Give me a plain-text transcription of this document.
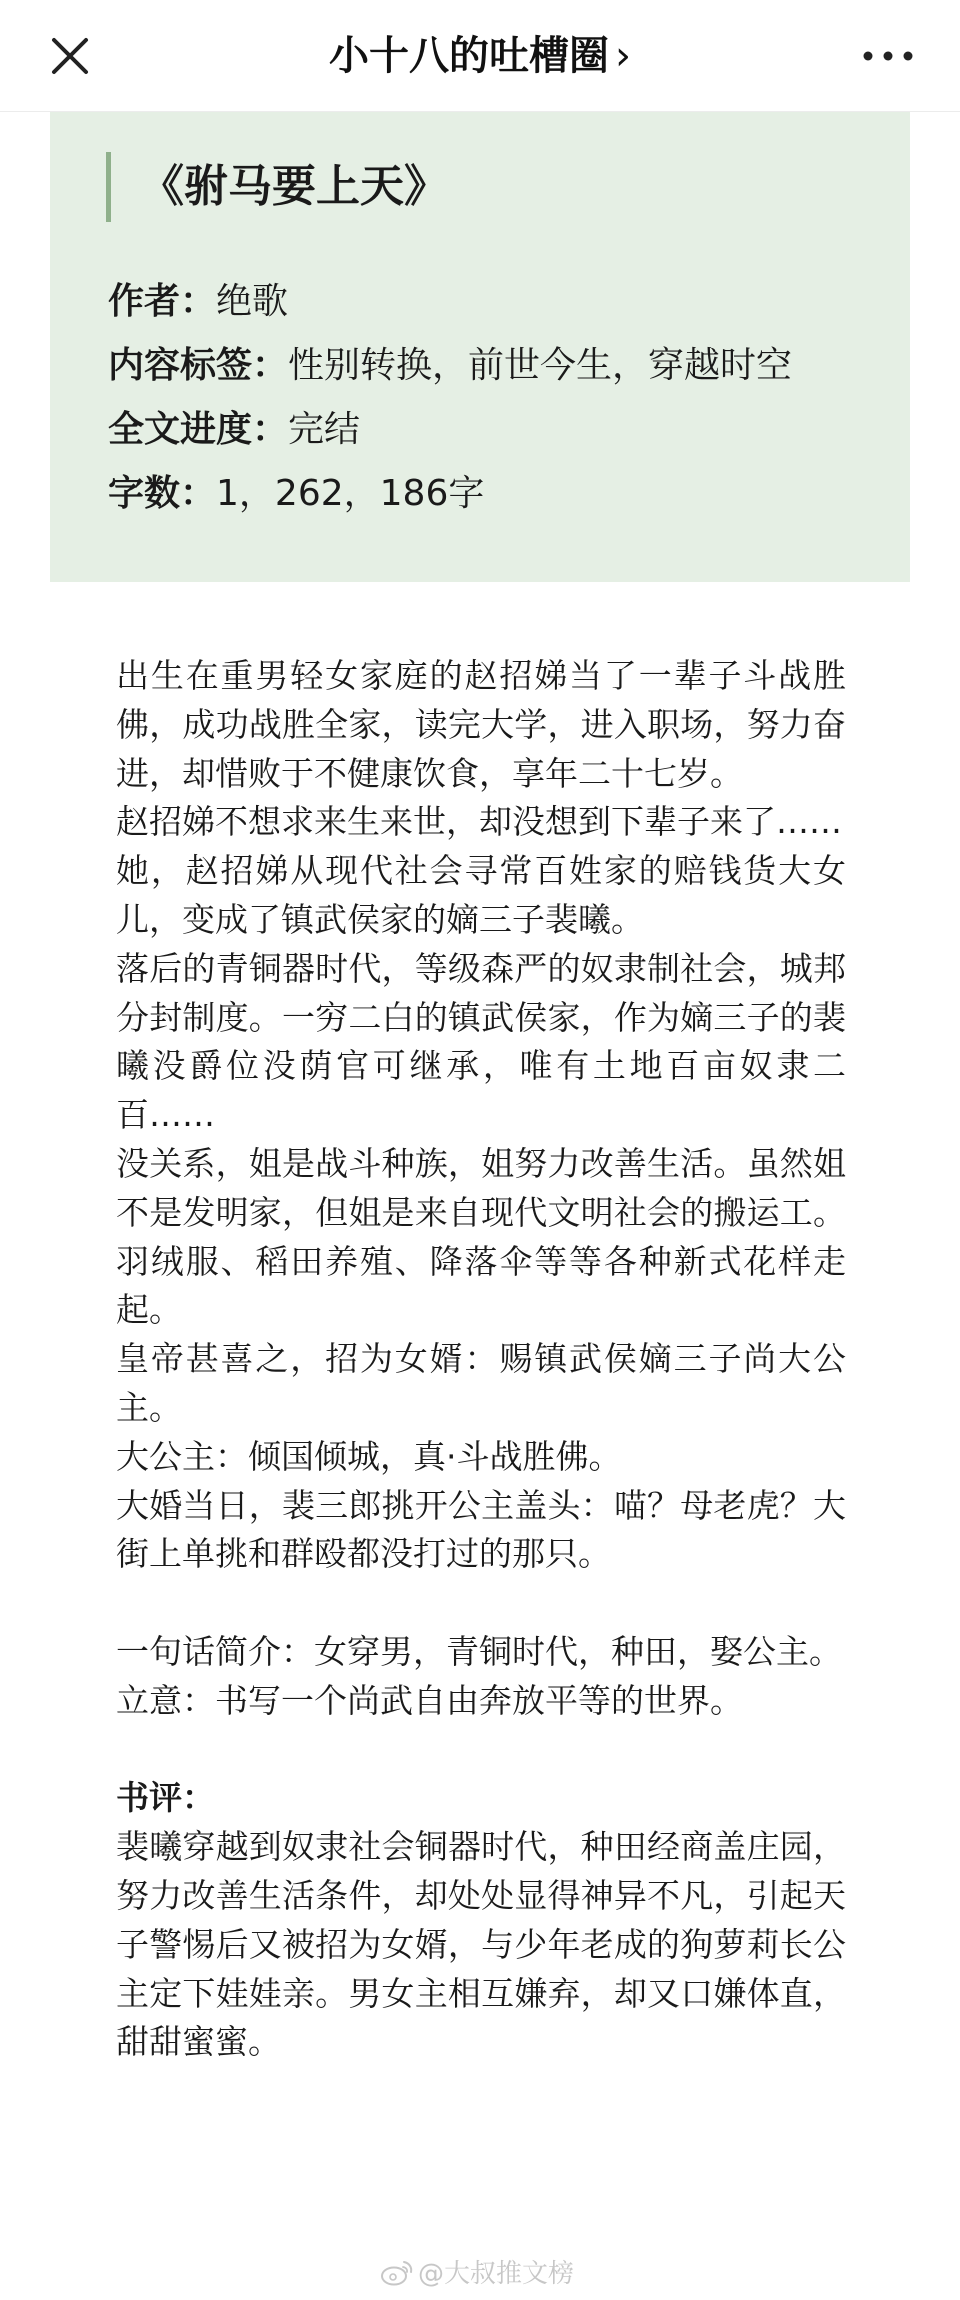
小十八的吐槽圈 ›
《驸马要上天》
作者：绝歌
内容标签：性别转换，前世今生，穿越时空
全文进度：完结
字数：1，262，186字

出生在重男轻女家庭的赵招娣当了一辈子斗战胜佛，成功战胜全家，读完大学，进入职场，努力奋进，却惜败于不健康饮食，享年二十七岁。

赵招娣不想求来生来世，却没想到下辈子来了……

她，赵招娣从现代社会寻常百姓家的赔钱货大女儿，变成了镇武侯家的嫡三子裴曦。

落后的青铜器时代，等级森严的奴隶制社会，城邦分封制度。一穷二白的镇武侯家，作为嫡三子的裴曦没爵位没荫官可继承，唯有土地百亩奴隶二百……

没关系，姐是战斗种族，姐努力改善生活。虽然姐不是发明家，但姐是来自现代文明社会的搬运工。羽绒服、稻田养殖、降落伞等等各种新式花样走起。

皇帝甚喜之，招为女婿：赐镇武侯嫡三子尚大公主。

大公主：倾国倾城，真·斗战胜佛。

大婚当日，裴三郎挑开公主盖头：喵？母老虎？大街上单挑和群殴都没打过的那只。

一句话简介：女穿男，青铜时代，种田，娶公主。

立意：书写一个尚武自由奔放平等的世界。

书评：

裴曦穿越到奴隶社会铜器时代，种田经商盖庄园，努力改善生活条件，却处处显得神异不凡，引起天子警惕后又被招为女婿，与少年老成的狗萝莉长公主定下娃娃亲。男女主相互嫌弃，却又口嫌体直，甜甜蜜蜜。

@大叔推文榜
